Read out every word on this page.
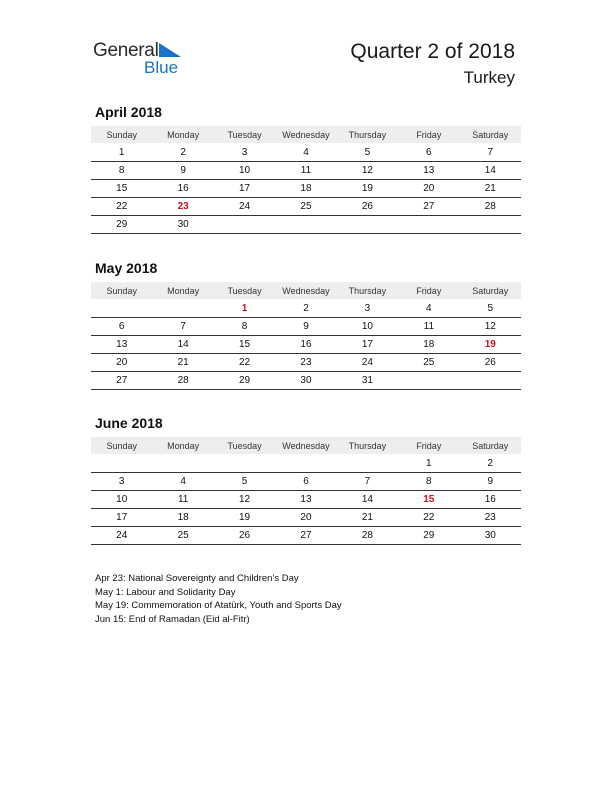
General
Blue
Quarter 2 of 2018
Turkey
April 2018
Sunday	Monday	Tuesday	Wednesday	Thursday	Friday	Saturday
1	2	3	4	5	6	7
8	9	10	11	12	13	14
15	16	17	18	19	20	21
22	23	24	25	26	27	28
29	30					
May 2018
Sunday	Monday	Tuesday	Wednesday	Thursday	Friday	Saturday
		1	2	3	4	5
6	7	8	9	10	11	12
13	14	15	16	17	18	19
20	21	22	23	24	25	26
27	28	29	30	31		
June 2018
Sunday	Monday	Tuesday	Wednesday	Thursday	Friday	Saturday
					1	2
3	4	5	6	7	8	9
10	11	12	13	14	15	16
17	18	19	20	21	22	23
24	25	26	27	28	29	30
Apr 23: National Sovereignty and Children’s Day
May 1: Labour and Solidarity Day
May 19: Commemoration of Atatürk, Youth and Sports Day
Jun 15: End of Ramadan (Eid al-Fitr)
